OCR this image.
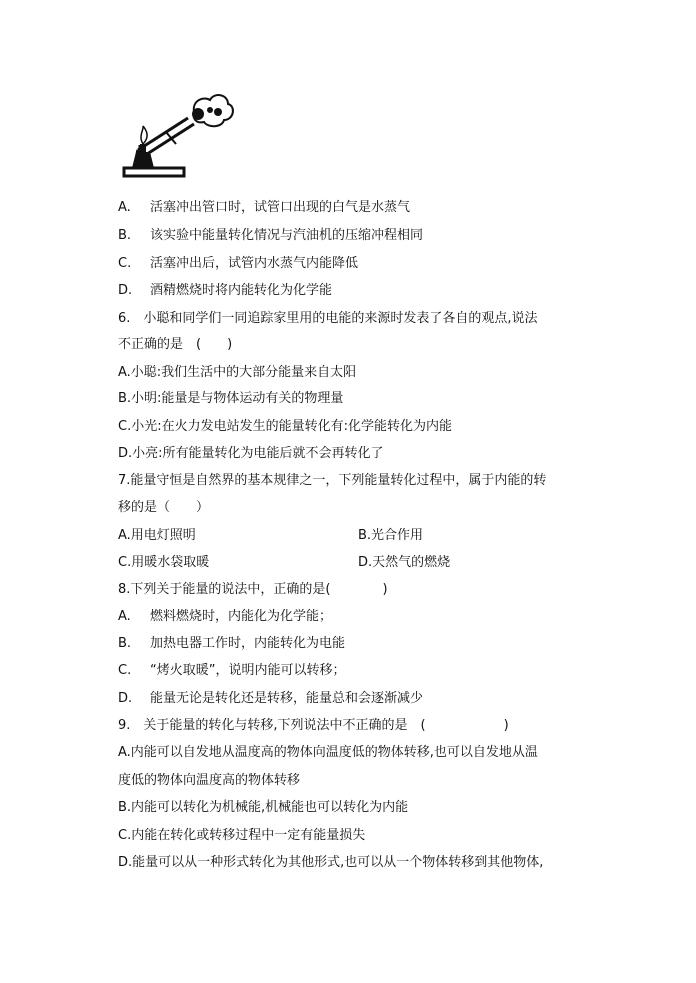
A. 活塞冲出管口时，试管口出现的白气是水蒸气
B. 该实验中能量转化情况与汽油机的压缩冲程相同
C. 活塞冲出后，试管内水蒸气内能降低
D. 酒精燃烧时将内能转化为化学能
6.　小聪和同学们一同追踪家里用的电能的来源时发表了各自的观点,说法
不正确的是　(　　)
A.小聪:我们生活中的大部分能量来自太阳
B.小明:能量是与物体运动有关的物理量
C.小光:在火力发电站发生的能量转化有:化学能转化为内能
D.小亮:所有能量转化为电能后就不会再转化了
7.能量守恒是自然界的基本规律之一，下列能量转化过程中，属于内能的转
移的是（　　）
A.用电灯照明	B.光合作用
C.用暖水袋取暖	D.天然气的燃烧
8.下列关于能量的说法中，正确的是(　　　　)
A. 燃料燃烧时，内能化为化学能；
B. 加热电器工作时，内能转化为电能
C. “烤火取暖”，说明内能可以转移；
D. 能量无论是转化还是转移，能量总和会逐渐减少
9.　关于能量的转化与转移,下列说法中不正确的是　(　　　　　　)
A.内能可以自发地从温度高的物体向温度低的物体转移,也可以自发地从温
度低的物体向温度高的物体转移
B.内能可以转化为机械能,机械能也可以转化为内能
C.内能在转化或转移过程中一定有能量损失
D.能量可以从一种形式转化为其他形式,也可以从一个物体转移到其他物体,
